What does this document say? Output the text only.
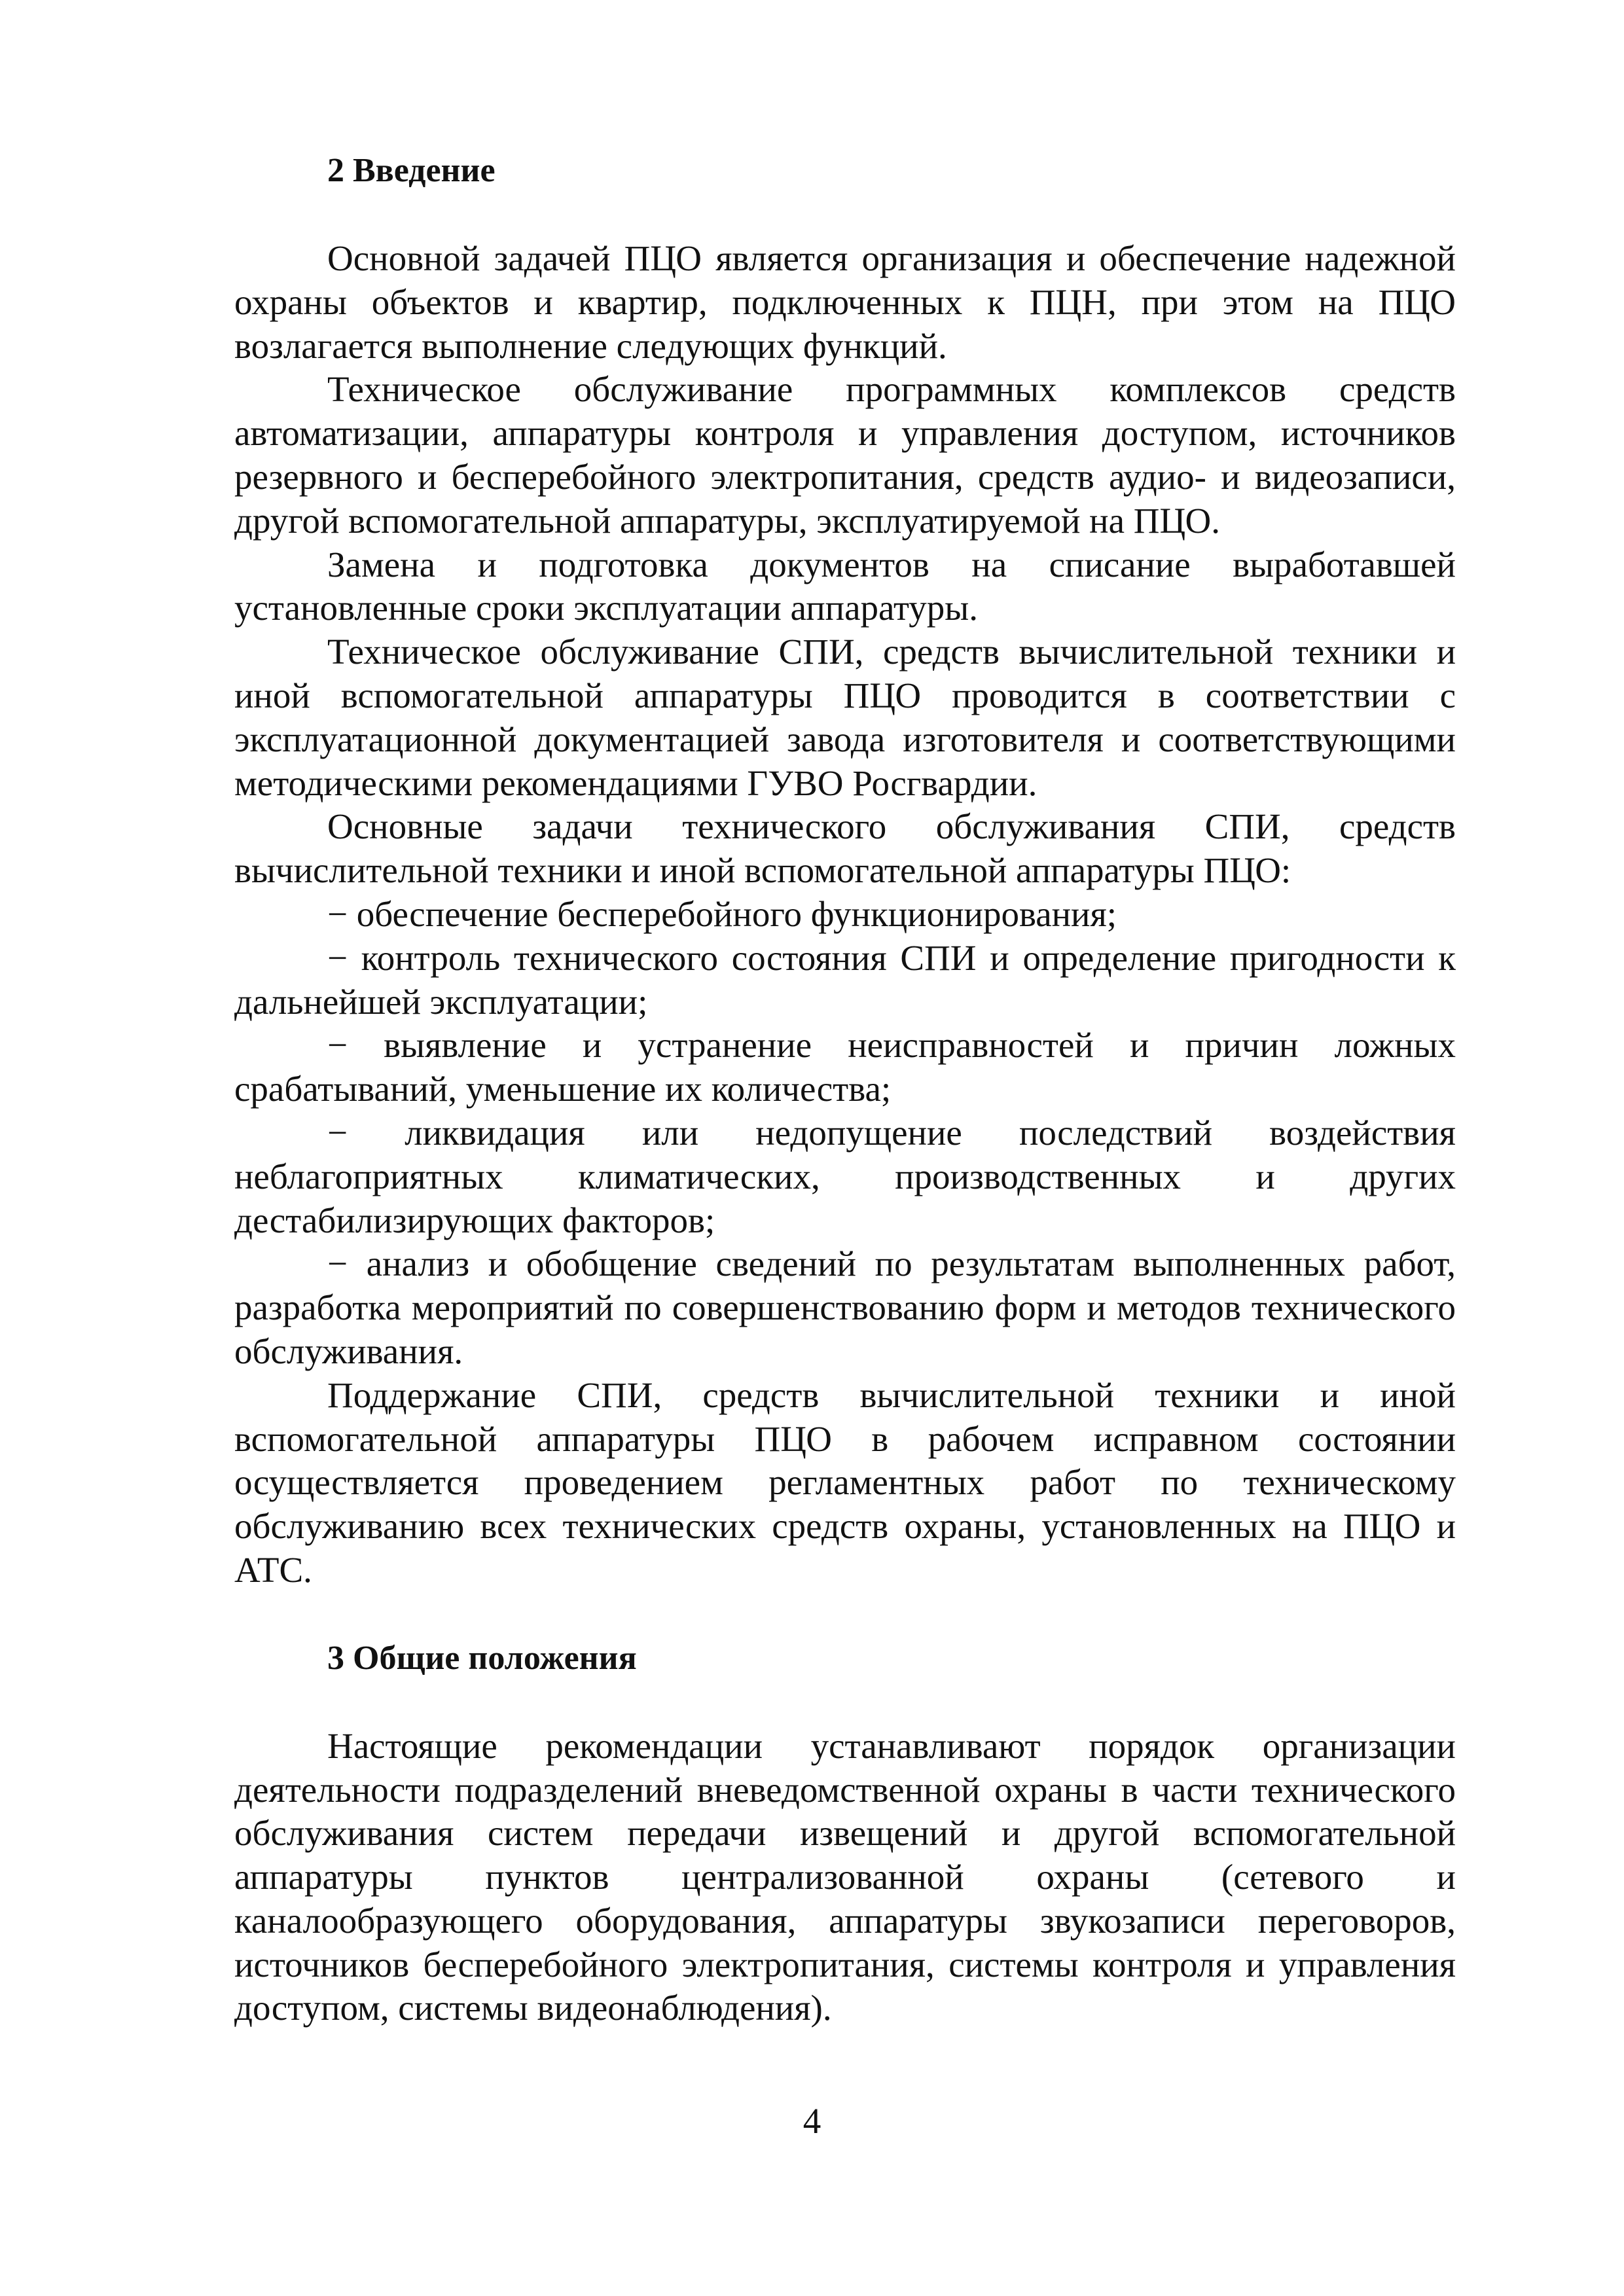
2 Введение

Основной задачей ПЦО является организация и обеспечение надежной охраны объектов и квартир, подключенных к ПЦН, при этом на ПЦО возлагается выполнение следующих функций.

Техническое обслуживание программных комплексов средств автоматизации, аппаратуры контроля и управления доступом, источников резервного и бесперебойного электропитания, средств аудио- и видеозаписи, другой вспомогательной аппаратуры, эксплуатируемой на ПЦО.

Замена и подготовка документов на списание выработавшей установленные сроки эксплуатации аппаратуры.

Техническое обслуживание СПИ, средств вычислительной техники и иной вспомогательной аппаратуры ПЦО проводится в соответствии с эксплуатационной документацией завода изготовителя и соответствующими методическими рекомендациями ГУВО Росгвардии.

Основные задачи технического обслуживания СПИ, средств вычислительной техники и иной вспомогательной аппаратуры ПЦО:

− обеспечение бесперебойного функционирования;

− контроль технического состояния СПИ и определение пригодности к дальнейшей эксплуатации;

− выявление и устранение неисправностей и причин ложных срабатываний, уменьшение их количества;

− ликвидация или недопущение последствий воздействия неблагоприятных климатических, производственных и других дестабилизирующих факторов;

− анализ и обобщение сведений по результатам выполненных работ, разработка мероприятий по совершенствованию форм и методов технического обслуживания.

Поддержание СПИ, средств вычислительной техники и иной вспомогательной аппаратуры ПЦО в рабочем исправном состоянии осуществляется проведением регламентных работ по техническому обслуживанию всех технических средств охраны, установленных на ПЦО и АТС.

3 Общие положения

Настоящие рекомендации устанавливают порядок организации деятельности подразделений вневедомственной охраны в части технического обслуживания систем передачи извещений и другой вспомогательной аппаратуры пунктов централизованной охраны (сетевого и каналообразующего оборудования, аппаратуры звукозаписи переговоров, источников бесперебойного электропитания, системы контроля и управления доступом, системы видеонаблюдения).

4
